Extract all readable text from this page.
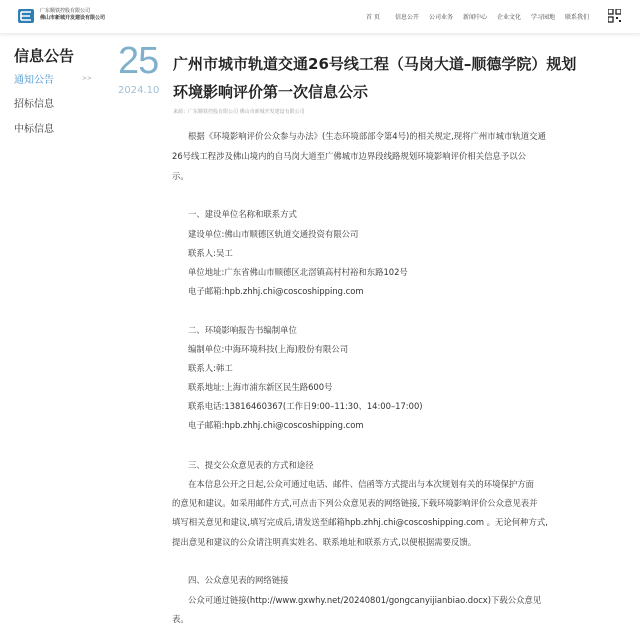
广东顺铁控股有限公司
佛山市新城开发建设有限公司	首 页	信息公开 公司业务 新闻中心 企业文化 学习园地 联系我们
信息公告
通知公告	>>
招标信息
中标信息
25
2024.10
广州市城市轨道交通26号线工程（马岗大道–顺德学院）规划
环境影响评价第一次信息公示
来源：广东顺铁控股有限公司 佛山市新城开发建设有限公司
根据《环境影响评价公众参与办法》(生态环境部部令第4号)的相关规定,现将广州市城市轨道交通
26号线工程涉及佛山境内的自马岗大道至广佛城市边界段线路规划环境影响评价相关信息予以公
示。
一、建设单位名称和联系方式
建设单位:佛山市顺德区轨道交通投资有限公司
联系人:吴工
单位地址:广东省佛山市顺德区北滘镇高村村裕和东路102号
电子邮箱:hpb.zhhj.chi@coscoshipping.com
二、环境影响报告书编制单位
编制单位:中海环境科技(上海)股份有限公司
联系人:韩工
联系地址:上海市浦东新区民生路600号
联系电话:13816460367(工作日9:00–11:30、14:00–17:00)
电子邮箱:hpb.zhhj.chi@coscoshipping.com
三、提交公众意见表的方式和途径
在本信息公开之日起,公众可通过电话、邮件、信函等方式提出与本次规划有关的环境保护方面
的意见和建议。如采用邮件方式,可点击下列公众意见表的网络链接,下载环境影响评价公众意见表并
填写相关意见和建议,填写完成后,请发送至邮箱hpb.zhhj.chi@coscoshipping.com 。无论何种方式,
提出意见和建议的公众请注明真实姓名、联系地址和联系方式,以便根据需要反馈。
四、公众意见表的网络链接
公众可通过链接(http://www.gxwhy.net/20240801/gongcanyijianbiao.docx)下载公众意见
表。
